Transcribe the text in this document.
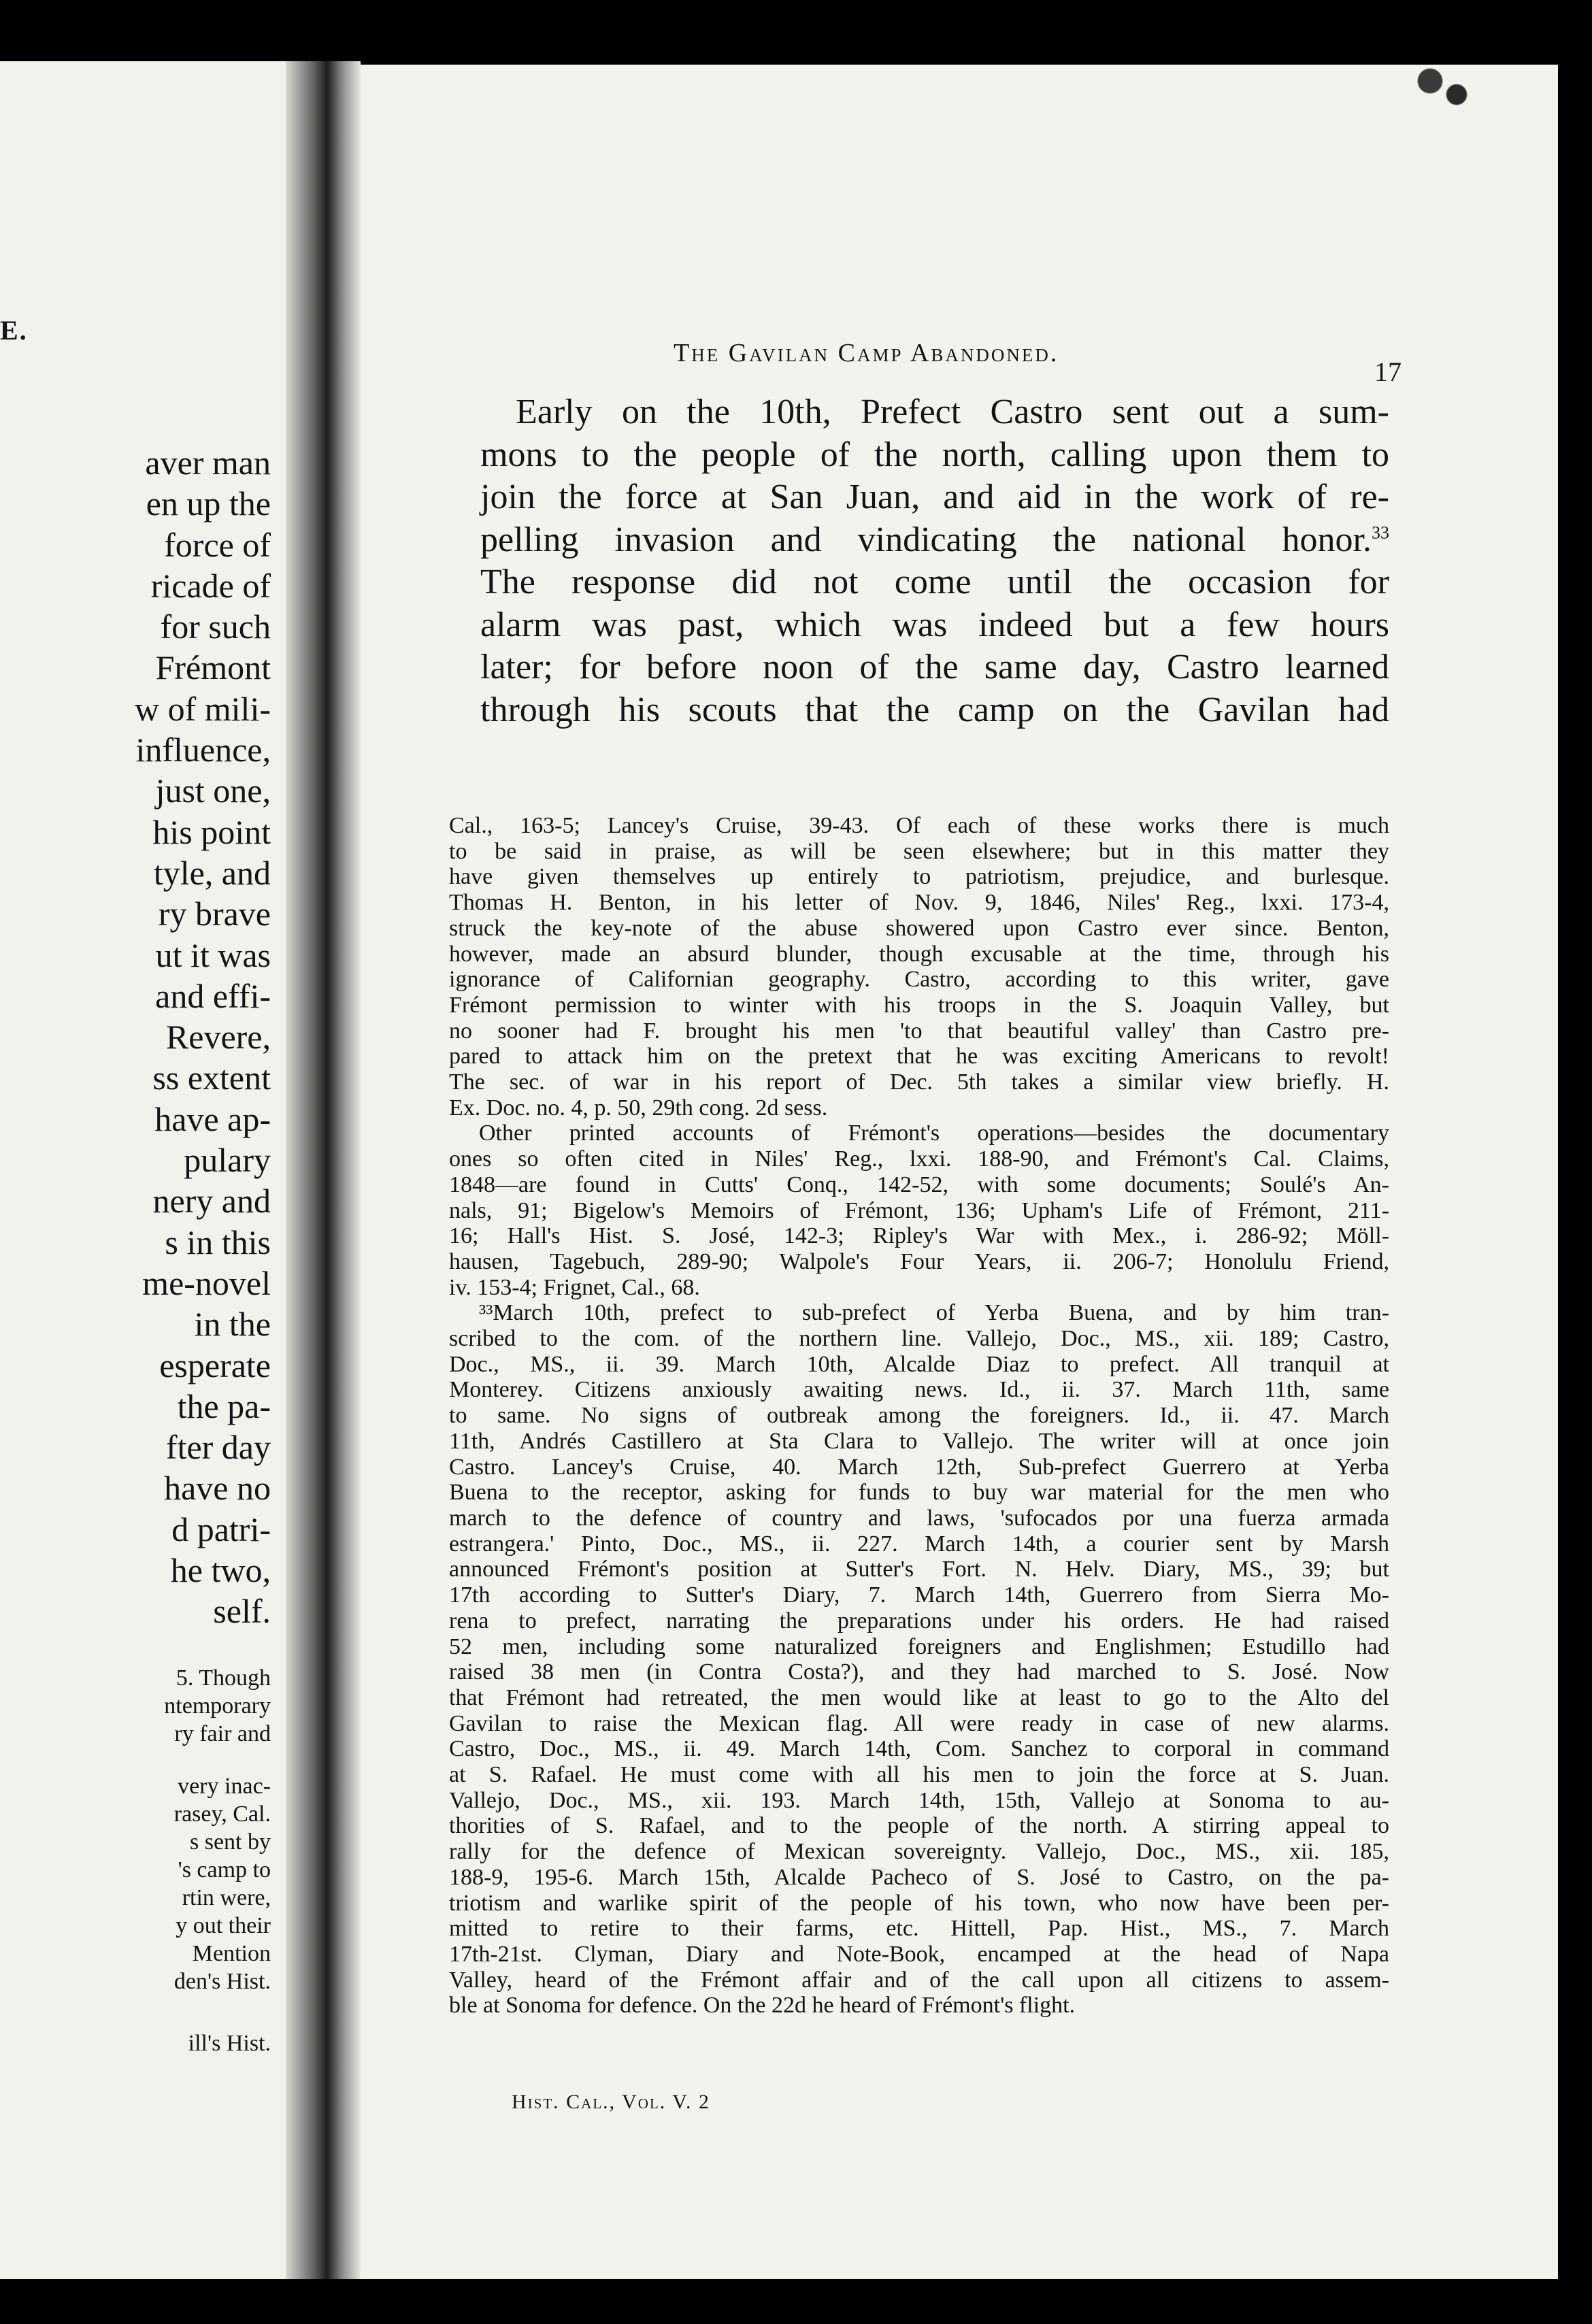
E.
aver man
en up the
force of
ricade of
for such
Frémont
w of mili-
influence,
just one,
his point
tyle, and
ry brave
ut it was
and effi-
Revere,
ss extent
have ap-
pulary
nery and
s in this
me-novel
in the
esperate
the pa-
fter day
have no
d patri-
he two,
self.
5. Though
ntemporary
ry fair and
very inac-
rasey, Cal.
s sent by
's camp to
rtin were,
y out their
Mention
den's Hist.
ill's Hist.
The Gavilan Camp Abandoned.
17
Early on the 10th, Prefect Castro sent out a sum-
mons to the people of the north, calling upon them to
join the force at San Juan, and aid in the work of re-
pelling invasion and vindicating the national honor.$^{33}$
The response did not come until the occasion for
alarm was past, which was indeed but a few hours
later; for before noon of the same day, Castro learned
through his scouts that the camp on the Gavilan had
Cal., 163-5; Lancey's Cruise, 39-43. Of each of these works there is much
to be said in praise, as will be seen elsewhere; but in this matter they
have given themselves up entirely to patriotism, prejudice, and burlesque.
Thomas H. Benton, in his letter of Nov. 9, 1846, Niles' Reg., lxxi. 173-4,
struck the key-note of the abuse showered upon Castro ever since. Benton,
however, made an absurd blunder, though excusable at the time, through his
ignorance of Californian geography. Castro, according to this writer, gave
Frémont permission to winter with his troops in the S. Joaquin Valley, but
no sooner had F. brought his men 'to that beautiful valley' than Castro pre-
pared to attack him on the pretext that he was exciting Americans to revolt!
The sec. of war in his report of Dec. 5th takes a similar view briefly. H.
Ex. Doc. no. 4, p. 50, 29th cong. 2d sess.
Other printed accounts of Frémont's operations—besides the documentary
ones so often cited in Niles' Reg., lxxi. 188-90, and Frémont's Cal. Claims,
1848—are found in Cutts' Conq., 142-52, with some documents; Soulé's An-
nals, 91; Bigelow's Memoirs of Frémont, 136; Upham's Life of Frémont, 211-
16; Hall's Hist. S. José, 142-3; Ripley's War with Mex., i. 286-92; Möll-
hausen, Tagebuch, 289-90; Walpole's Four Years, ii. 206-7; Honolulu Friend,
iv. 153-4; Frignet, Cal., 68.
³³March 10th, prefect to sub-prefect of Yerba Buena, and by him tran-
scribed to the com. of the northern line. Vallejo, Doc., MS., xii. 189; Castro,
Doc., MS., ii. 39. March 10th, Alcalde Diaz to prefect. All tranquil at
Monterey. Citizens anxiously awaiting news. Id., ii. 37. March 11th, same
to same. No signs of outbreak among the foreigners. Id., ii. 47. March
11th, Andrés Castillero at Sta Clara to Vallejo. The writer will at once join
Castro. Lancey's Cruise, 40. March 12th, Sub-prefect Guerrero at Yerba
Buena to the receptor, asking for funds to buy war material for the men who
march to the defence of country and laws, 'sufocados por una fuerza armada
estrangera.' Pinto, Doc., MS., ii. 227. March 14th, a courier sent by Marsh
announced Frémont's position at Sutter's Fort. N. Helv. Diary, MS., 39; but
17th according to Sutter's Diary, 7. March 14th, Guerrero from Sierra Mo-
rena to prefect, narrating the preparations under his orders. He had raised
52 men, including some naturalized foreigners and Englishmen; Estudillo had
raised 38 men (in Contra Costa?), and they had marched to S. José. Now
that Frémont had retreated, the men would like at least to go to the Alto del
Gavilan to raise the Mexican flag. All were ready in case of new alarms.
Castro, Doc., MS., ii. 49. March 14th, Com. Sanchez to corporal in command
at S. Rafael. He must come with all his men to join the force at S. Juan.
Vallejo, Doc., MS., xii. 193. March 14th, 15th, Vallejo at Sonoma to au-
thorities of S. Rafael, and to the people of the north. A stirring appeal to
rally for the defence of Mexican sovereignty. Vallejo, Doc., MS., xii. 185,
188-9, 195-6. March 15th, Alcalde Pacheco of S. José to Castro, on the pa-
triotism and warlike spirit of the people of his town, who now have been per-
mitted to retire to their farms, etc. Hittell, Pap. Hist., MS., 7. March
17th-21st. Clyman, Diary and Note-Book, encamped at the head of Napa
Valley, heard of the Frémont affair and of the call upon all citizens to assem-
ble at Sonoma for defence. On the 22d he heard of Frémont's flight.
Hist. Cal., Vol. V. 2
